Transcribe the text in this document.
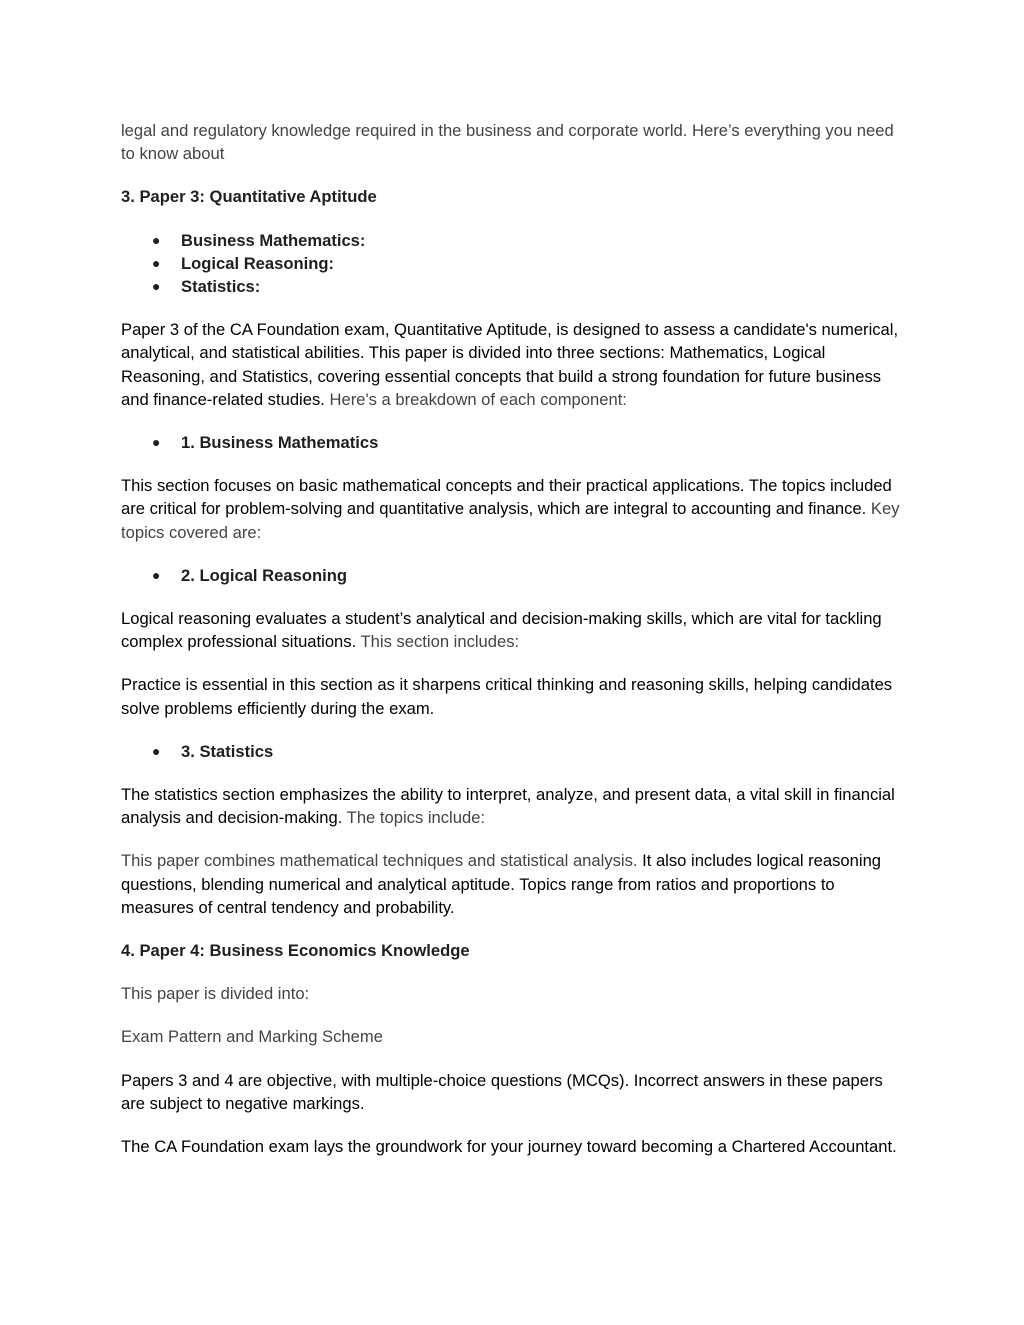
legal and regulatory knowledge required in the business and corporate world. Here’s everything you need to know about

3. Paper 3: Quantitative Aptitude

● Business Mathematics:
● Logical Reasoning:
● Statistics:

Paper 3 of the CA Foundation exam, Quantitative Aptitude, is designed to assess a candidate's numerical, analytical, and statistical abilities. This paper is divided into three sections: Mathematics, Logical Reasoning, and Statistics, covering essential concepts that build a strong foundation for future business and finance-related studies. Here's a breakdown of each component:

● 1. Business Mathematics

This section focuses on basic mathematical concepts and their practical applications. The topics included are critical for problem-solving and quantitative analysis, which are integral to accounting and finance. Key topics covered are:

● 2. Logical Reasoning

Logical reasoning evaluates a student’s analytical and decision-making skills, which are vital for tackling complex professional situations. This section includes:

Practice is essential in this section as it sharpens critical thinking and reasoning skills, helping candidates solve problems efficiently during the exam.

● 3. Statistics

The statistics section emphasizes the ability to interpret, analyze, and present data, a vital skill in financial analysis and decision-making. The topics include:

This paper combines mathematical techniques and statistical analysis. It also includes logical reasoning questions, blending numerical and analytical aptitude. Topics range from ratios and proportions to measures of central tendency and probability.

4. Paper 4: Business Economics Knowledge

This paper is divided into:

Exam Pattern and Marking Scheme

Papers 3 and 4 are objective, with multiple-choice questions (MCQs). Incorrect answers in these papers are subject to negative markings.

The CA Foundation exam lays the groundwork for your journey toward becoming a Chartered Accountant.
